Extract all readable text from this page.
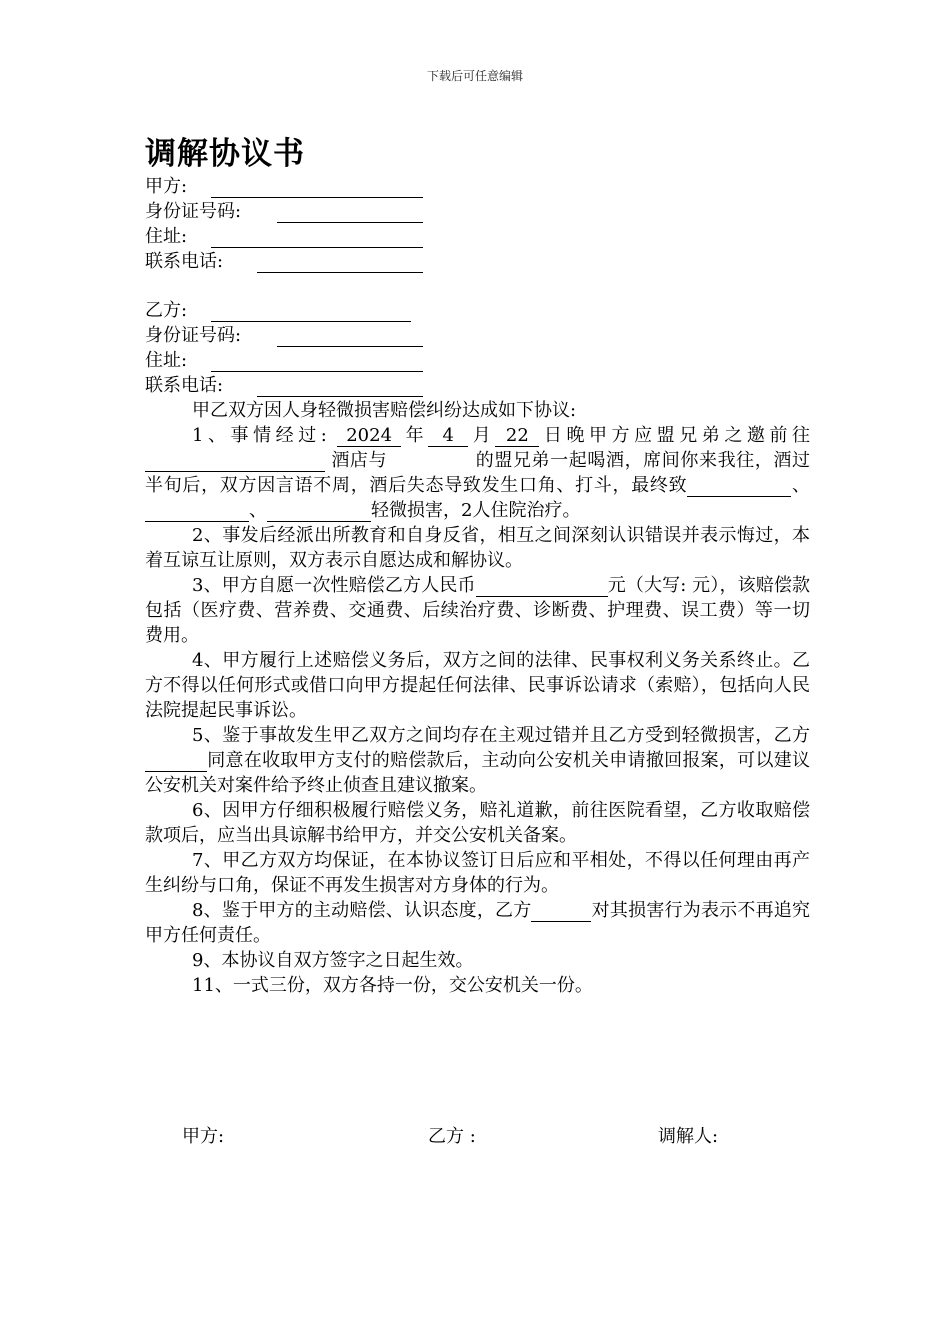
下载后可任意编辑
调解协议书
甲方:
身份证号码:
住址:
联系电话:
乙方:
身份证号码:
住址:
联系电话:

甲乙双方因人身轻微损害赔偿纠纷达成如下协议:

1、事情经过: 2024 年 4 月 22 日晚甲方应盟兄弟之邀前往   酒店与	的盟兄弟一起喝酒，席间你来我往，酒过半旬后，双方因言语不周，酒后失态导致发生口角、打斗，最终致	、 、	轻微损害，2人住院治疗。

2、事发后经派出所教育和自身反省，相互之间深刻认识错误并表示悔过，本着互谅互让原则，双方表示自愿达成和解协议。

3、甲方自愿一次性赔偿乙方人民币	元（大写: 元），该赔偿款包括（医疗费、营养费、交通费、后续治疗费、诊断费、护理费、误工费）等一切费用。

4、甲方履行上述赔偿义务后，双方之间的法律、民事权利义务关系终止。乙方不得以任何形式或借口向甲方提起任何法律、民事诉讼请求（索赔），包括向人民法院提起民事诉讼。

5、鉴于事故发生甲乙双方之间均存在主观过错并且乙方受到轻微损害，乙方 同意在收取甲方支付的赔偿款后，主动向公安机关申请撤回报案，可以建议公安机关对案件给予终止侦查且建议撤案。

6、因甲方仔细积极履行赔偿义务，赔礼道歉，前往医院看望，乙方收取赔偿款项后，应当出具谅解书给甲方，并交公安机关备案。

7、甲乙方双方均保证，在本协议签订日后应和平相处，不得以任何理由再产生纠纷与口角，保证不再发生损害对方身体的行为。

8、鉴于甲方的主动赔偿、认识态度，乙方	对其损害行为表示不再追究甲方任何责任。

9、本协议自双方签字之日起生效。

11、一式三份，双方各持一份，交公安机关一份。

甲方:	乙方 :	调解人:
